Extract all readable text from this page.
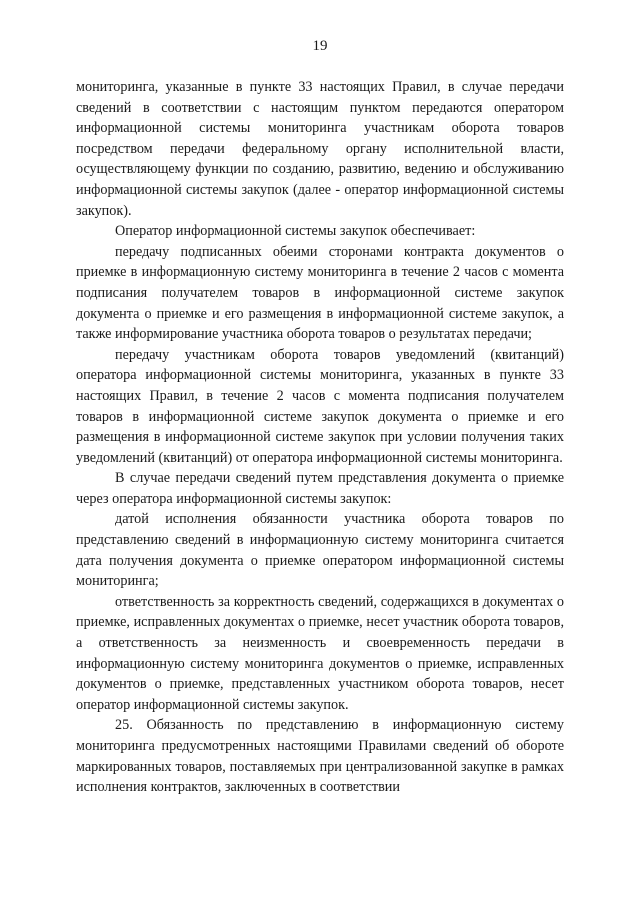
19

мониторинга, указанные в пункте 33 настоящих Правил, в случае передачи сведений в соответствии с настоящим пунктом передаются оператором информационной системы мониторинга участникам оборота товаров посредством передачи федеральному органу исполнительной власти, осуществляющему функции по созданию, развитию, ведению и обслуживанию информационной системы закупок (далее - оператор информационной системы закупок).

Оператор информационной системы закупок обеспечивает:

передачу подписанных обеими сторонами контракта документов о приемке в информационную систему мониторинга в течение 2 часов с момента подписания получателем товаров в информационной системе закупок документа о приемке и его размещения в информационной системе закупок, а также информирование участника оборота товаров о результатах передачи;

передачу участникам оборота товаров уведомлений (квитанций) оператора информационной системы мониторинга, указанных в пункте 33 настоящих Правил, в течение 2 часов с момента подписания получателем товаров в информационной системе закупок документа о приемке и его размещения в информационной системе закупок при условии получения таких уведомлений (квитанций) от оператора информационной системы мониторинга.

В случае передачи сведений путем представления документа о приемке через оператора информационной системы закупок:

датой исполнения обязанности участника оборота товаров по представлению сведений в информационную систему мониторинга считается дата получения документа о приемке оператором информационной системы мониторинга;

ответственность за корректность сведений, содержащихся в документах о приемке, исправленных документах о приемке, несет участник оборота товаров, а ответственность за неизменность и своевременность передачи в информационную систему мониторинга документов о приемке, исправленных документов о приемке, представленных участником оборота товаров, несет оператор информационной системы закупок.

25. Обязанность по представлению в информационную систему мониторинга предусмотренных настоящими Правилами сведений об обороте маркированных товаров, поставляемых при централизованной закупке в рамках исполнения контрактов, заключенных в соответствии
